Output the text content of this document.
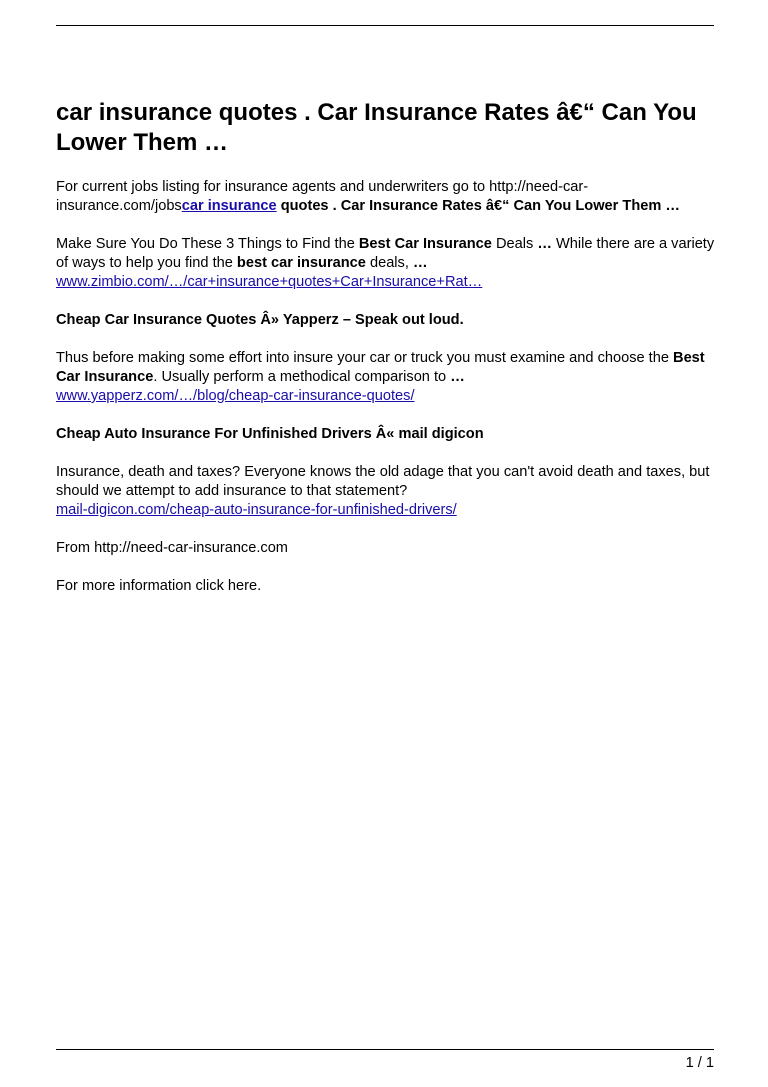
car insurance quotes . Car Insurance Rates â€“ Can You Lower Them …

For current jobs listing for insurance agents and underwriters go to http://need-car-insurance.com/jobscar insurance quotes . Car Insurance Rates â€“ Can You Lower Them …

Make Sure You Do These 3 Things to Find the Best Car Insurance Deals … While there are a variety of ways to help you find the best car insurance deals, …
www.zimbio.com/…/car+insurance+quotes+Car+Insurance+Rat…

Cheap Car Insurance Quotes Â» Yapperz – Speak out loud.

Thus before making some effort into insure your car or truck you must examine and choose the Best Car Insurance. Usually perform a methodical comparison to …
www.yapperz.com/…/blog/cheap-car-insurance-quotes/

Cheap Auto Insurance For Unfinished Drivers Â« mail digicon

Insurance, death and taxes? Everyone knows the old adage that you can't avoid death and taxes, but should we attempt to add insurance to that statement?
mail-digicon.com/cheap-auto-insurance-for-unfinished-drivers/

From http://need-car-insurance.com

For more information click here.

1 / 1
